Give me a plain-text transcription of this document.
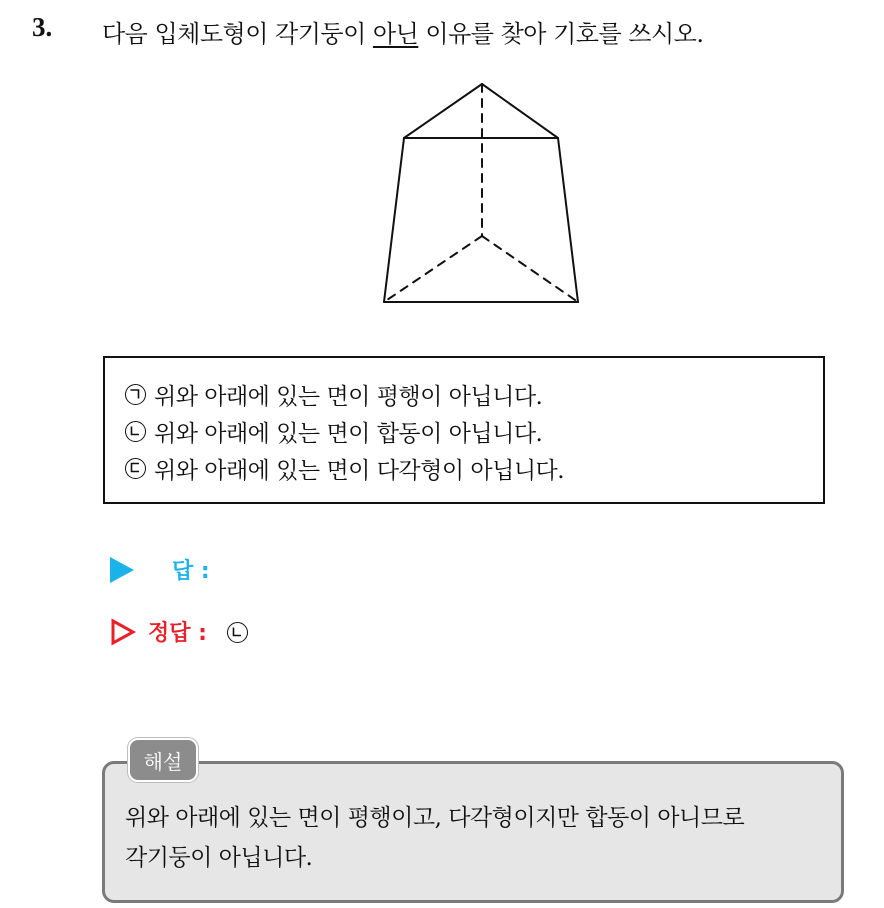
3. 다음 입체도형이 각기둥이 아닌 이유를 찾아 기호를 쓰시오.
위와 아래에 있는 면이 평행이 아닙니다.
위와 아래에 있는 면이 합동이 아닙니다.
위와 아래에 있는 면이 다각형이 아닙니다.
답 :
정답 :
위와 아래에 있는 면이 평행이고, 다각형이지만 합동이 아니므로
각기둥이 아닙니다.
해설
